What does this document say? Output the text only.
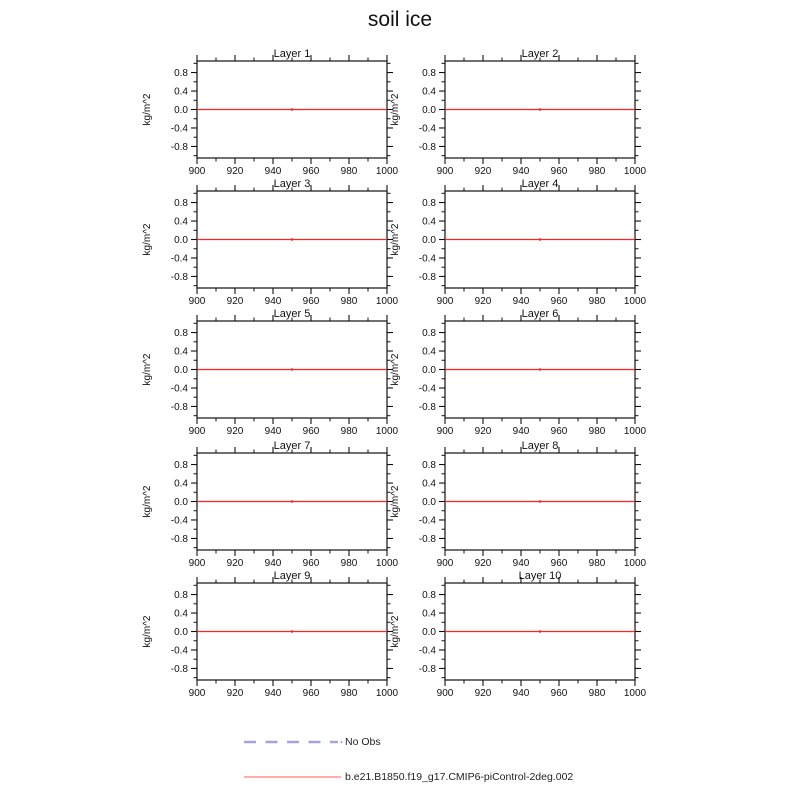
soil ice
900 920 940 960 980 1000
0.8
0.4
0.0
-0.4
-0.8
Layer 1
kg/m^2
900 920 940 960 980 1000
0.8
0.4
0.0
-0.4
-0.8
Layer 2
kg/m^2
900 920 940 960 980 1000
0.8
0.4
0.0
-0.4
-0.8
Layer 3
kg/m^2
900 920 940 960 980 1000
0.8
0.4
0.0
-0.4
-0.8
Layer 4
kg/m^2
900 920 940 960 980 1000
0.8
0.4
0.0
-0.4
-0.8
Layer 5
kg/m^2
900 920 940 960 980 1000
0.8
0.4
0.0
-0.4
-0.8
Layer 6
kg/m^2
900 920 940 960 980 1000
0.8
0.4
0.0
-0.4
-0.8
Layer 7
kg/m^2
900 920 940 960 980 1000
0.8
0.4
0.0
-0.4
-0.8
Layer 8
kg/m^2
900 920 940 960 980 1000
0.8
0.4
0.0
-0.4
-0.8
Layer 9
kg/m^2
900 920 940 960 980 1000
0.8
0.4
0.0
-0.4
-0.8
Layer 10
kg/m^2
No Obs
b.e21.B1850.f19_g17.CMIP6-piControl-2deg.002
